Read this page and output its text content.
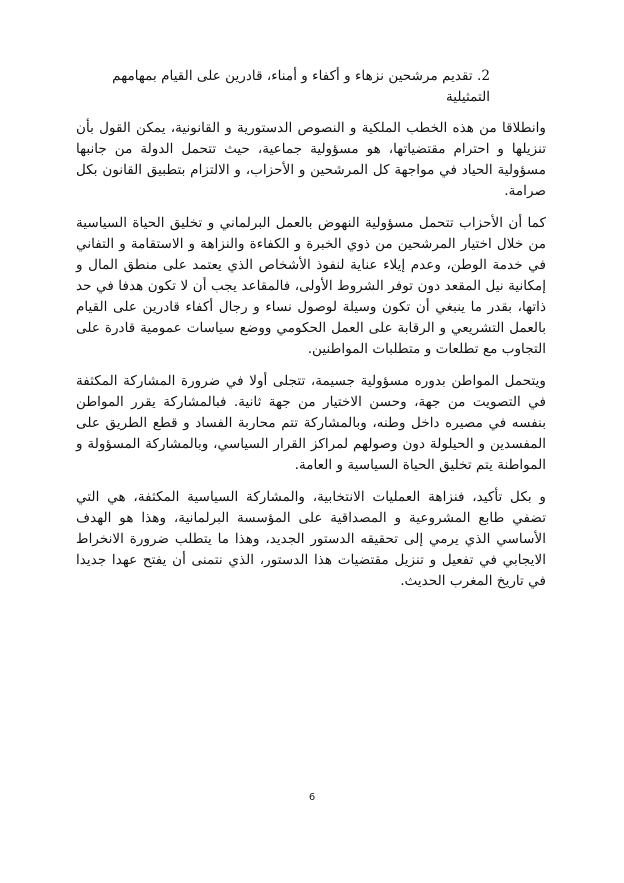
2. تقديم مرشحين نزهاء و أكفاء و أمناء، قادرين على القيام بمهامهم التمثيلية

وانطلاقا من هذه الخطب الملكية و النصوص الدستورية و القانونية، يمكن القول بأن تنزيلها و احترام مقتضياتها، هو مسؤولية جماعية، حيث تتحمل الدولة من جانبها مسؤولية الحياد في مواجهة كل المرشحين و الأحزاب، و الالتزام بتطبيق القانون بكل صرامة.

كما أن الأحزاب تتحمل مسؤولية النهوض بالعمل البرلماني و تخليق الحياة السياسية من خلال اختيار المرشحين من ذوي الخبرة و الكفاءة والنزاهة و الاستقامة و التفاني في خدمة الوطن، وعدم إيلاء عناية لنفوذ الأشخاص الذي يعتمد على منطق المال و إمكانية نيل المقعد دون توفر الشروط الأولى، فالمقاعد يجب أن لا تكون هدفا في حد ذاتها، بقدر ما ينبغي أن تكون وسيلة لوصول نساء و رجال أكفاء قادرين على القيام بالعمل التشريعي و الرقابة على العمل الحكومي ووضع سياسات عمومية قادرة على التجاوب مع تطلعات و متطلبات المواطنين.

ويتحمل المواطن بدوره مسؤولية جسيمة، تتجلى أولا في ضرورة المشاركة المكثفة في التصويت من جهة، وحسن الاختيار من جهة ثانية. فبالمشاركة يقرر المواطن بنفسه في مصيره داخل وطنه، وبالمشاركة تتم محاربة الفساد و قطع الطريق على المفسدين و الحيلولة دون وصولهم لمراكز القرار السياسي، وبالمشاركة المسؤولة و المواطنة يتم تخليق الحياة السياسية و العامة.

و بكل تأكيد، فنزاهة العمليات الانتخابية، والمشاركة السياسية المكثفة، هي التي تضفي طابع المشروعية و المصداقية على المؤسسة البرلمانية، وهذا هو الهدف الأساسي الذي يرمي إلى تحقيقه الدستور الجديد، وهذا ما يتطلب ضرورة الانخراط الايجابي في تفعيل و تنزيل مقتضيات هذا الدستور، الذي نتمنى أن يفتح عهدا جديدا في تاريخ المغرب الحديث.

6
